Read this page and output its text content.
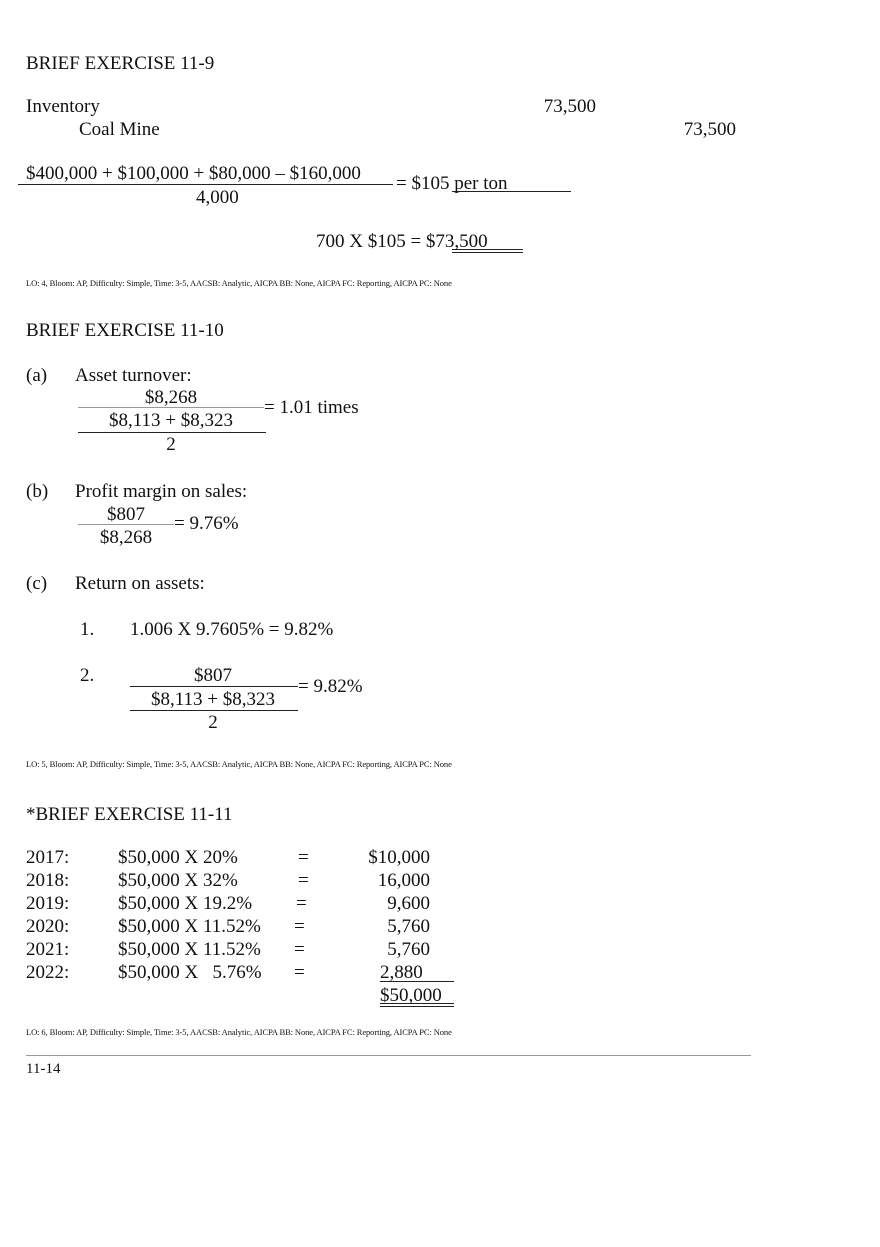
BRIEF EXERCISE 11-9
Inventory	73,500
Coal Mine	73,500
$400,000 + $100,000 + $80,000 – $160,000
4,000
= $105 per ton
700 X $105 = $73,500
LO: 4, Bloom: AP, Difficulty: Simple, Time: 3-5, AACSB: Analytic, AICPA BB: None, AICPA FC: Reporting, AICPA PC: None
BRIEF EXERCISE 11-10
(a) Asset turnover:
$8,268	= 1.01 times
$8,113 + $8,323
2
(b) Profit margin on sales:
$807	= 9.76%
$8,268
(c) Return on assets:
1. 1.006 X 9.7605% = 9.82%
2.	$807
= 9.82%
$8,113 + $8,323
2
LO: 5, Bloom: AP, Difficulty: Simple, Time: 3-5, AACSB: Analytic, AICPA BB: None, AICPA FC: Reporting, AICPA PC: None
*BRIEF EXERCISE 11-11
2017:	$50,000 X 20%	=	$10,000
2018:	$50,000 X 32%	=	16,000
2019:	$50,000 X 19.2% =	9,600
2020:	$50,000 X 11.52% =	5,760
2021:	$50,000 X 11.52% =	5,760
2022:	$50,000 X   5.76% =	2,880
$50,000
LO: 6, Bloom: AP, Difficulty: Simple, Time: 3-5, AACSB: Analytic, AICPA BB: None, AICPA FC: Reporting, AICPA PC: None
11-14
